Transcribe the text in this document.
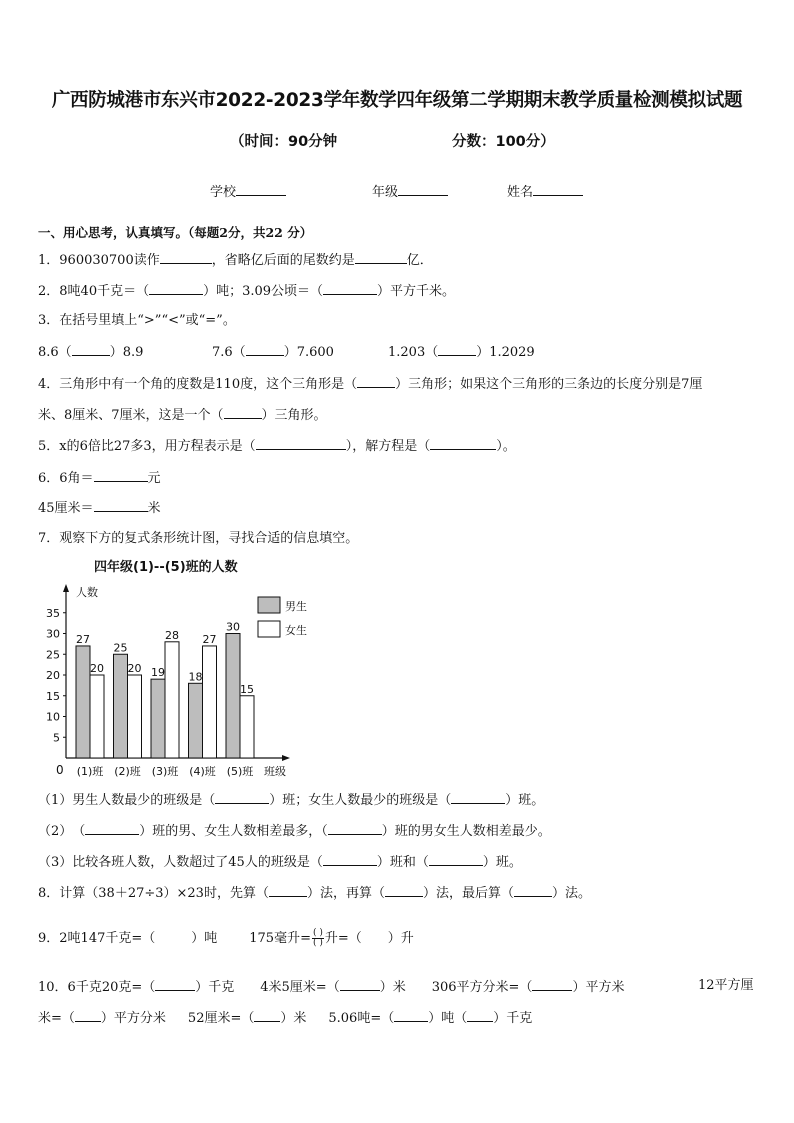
广西防城港市东兴市2022-2023学年数学四年级第二学期期末教学质量检测模拟试题
（时间：90分钟	分数：100分）
学校	年级	姓名
一、用心思考，认真填写。（每题2分，共22 分）
1．960030700读作	，省略亿后面的尾数约是	亿．
2．8吨40千克＝（	）吨；3.09公顷＝（	）平方千米。
3．在括号里填上“>”“<”或“=”。
8.6（	）8.9	7.6（	）7.600	1.203（	）1.2029
4．三角形中有一个角的度数是110度，这个三角形是（	）三角形；如果这个三角形的三条边的长度分别是7厘
米、8厘米、7厘米，这是一个（	）三角形。
5．x的6倍比27多3，用方程表示是（	），解方程是（	）。
6．6角＝	元
45厘米＝	米
7．观察下方的复式条形统计图，寻找合适的信息填空。
四年级(1)--(5)班的人数
人数
0	班级
5
10
15
20
25
30
35
27
20
25
20 19
28
18
27
30
15
(1)班 (2)班 (3)班 (4)班 (5)班
男生
女生
（1）男生人数最少的班级是（	）班；女生人数最少的班级是（	）班。
（2）　（	）班的男、女生人数相差最多，（	）班的男女生人数相差最少。
（3）比较各班人数，人数超过了45人的班级是（	）班和（	）班。
8．计算（38＋27÷3）×23时，先算（	）法，再算（	）法，最后算（	）法。
9．2吨147千克=（	）吨 175毫升= $\frac{( )}{( )}$ 升=（ ）升
10．6千克20克=（	）千克 4米5厘米=（	）米 306平方分米=（	）平方米	12平方厘
米=（ ）平方分米 52厘米=（ ）米 5.06吨=（	）吨（ ）千克
